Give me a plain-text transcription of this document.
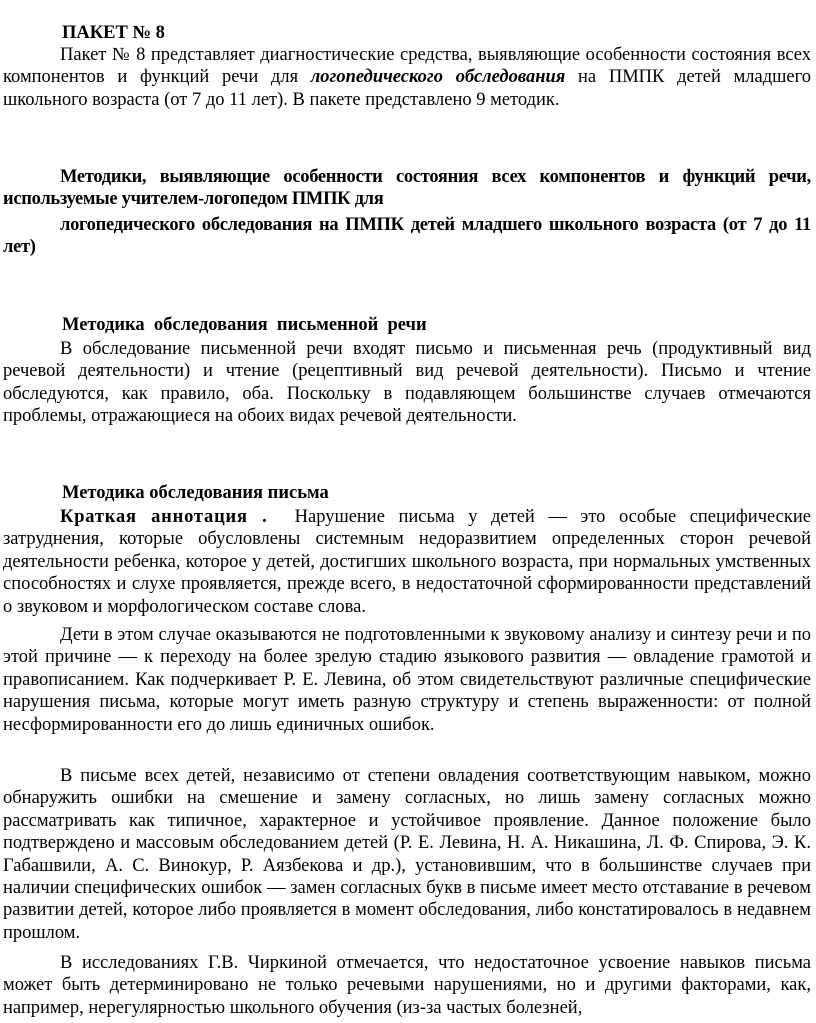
ПАКЕТ № 8
Пакет № 8 представляет диагностические средства, выявляющие особенности состояния всех компонентов и функций речи для логопедического обследования на ПМПК детей младшего школьного возраста (от 7 до 11 лет). В пакете представлено 9 методик.
Методики, выявляющие особенности состояния всех компонентов и функций речи, используемые учителем-логопедом ПМПК для
логопедического обследования на ПМПК детей младшего школьного возраста (от 7 до 11 лет)
Методика  обследования  письменной  речи
В обследование письменной речи входят письмо и письменная речь (продуктивный вид речевой деятельности) и чтение (рецептивный вид речевой деятельности). Письмо и чтение обследуются, как правило, оба. Поскольку в подавляющем большинстве случаев отмечаются проблемы, отражающиеся на обоих видах речевой деятельности.
Методика обследования письма
Краткая аннотация .  Нарушение письма у детей — это особые специфические затруднения, которые обусловлены системным недоразвитием определенных сторон речевой деятельности ребенка, которое у детей, достигших школьного возраста, при нормальных умственных способностях и слухе проявляется, прежде всего, в недостаточной сформированности представлений о звуковом и морфологическом составе слова.
Дети в этом случае оказываются не подготовленными к звуковому анализу и синтезу речи и по этой причине — к переходу на более зрелую стадию языкового развития — овладение грамотой и правописанием. Как подчеркивает Р. Е. Левина, об этом свидетельствуют различные специфические нарушения письма, которые могут иметь разную структуру и степень выраженности: от полной несформированности его до лишь единичных ошибок.
В письме всех детей, независимо от степени овладения соответствующим навыком, можно обнаружить ошибки на смешение и замену согласных, но лишь замену согласных можно рассматривать как типичное, характерное и устойчивое проявление. Данное положение было подтверждено и массовым обследованием детей (Р. Е. Левина, Н. А. Никашина, Л. Ф. Спирова, Э. К. Габашвили, А. С. Винокур, Р. Аязбекова и др.), установившим, что в большинстве случаев при наличии специфических ошибок — замен согласных букв в письме имеет место отставание в речевом развитии детей, которое либо проявляется в момент обследования, либо констатировалось в недавнем прошлом.
В исследованиях Г.В. Чиркиной отмечается, что недостаточное усвоение навыков письма может быть детерминировано не только речевыми нарушениями, но и другими факторами, как, например, нерегулярностью школьного обучения (из-за частых болезней,
